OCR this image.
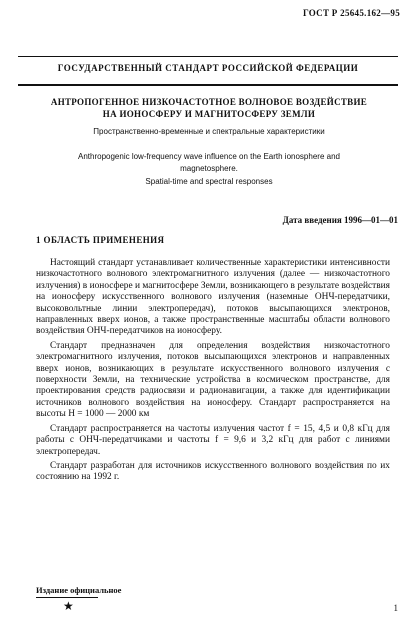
ГОСТ Р 25645.162—95
ГОСУДАРСТВЕННЫЙ СТАНДАРТ РОССИЙСКОЙ ФЕДЕРАЦИИ
АНТРОПОГЕННОЕ НИЗКОЧАСТОТНОЕ ВОЛНОВОЕ ВОЗДЕЙСТВИЕ
НА ИОНОСФЕРУ И МАГНИТОСФЕРУ ЗЕМЛИ
Пространственно-временные и спектральные характеристики
Anthropogenic low-frequency wave influence on the Earth ionosphere and
magnetosphere.
Spatial-time and spectral responses
Дата введения 1996—01—01
1 ОБЛАСТЬ ПРИМЕНЕНИЯ

Настоящий стандарт устанавливает количественные характеристики интенсивности низкочастотного волнового электромагнитного излучения (далее — низкочастотного излучения) в ионосфере и магнитосфере Земли, возникающего в результате воздействия на ионосферу искусственного волнового излучения (наземные ОНЧ-передатчики, высоковольтные линии электропередач), потоков высыпающихся электронов, направленных вверх ионов, а также пространственные масштабы области волнового воздействия ОНЧ-передатчиков на ионосферу.

Стандарт предназначен для определения воздействия низкочастотного электромагнитного излучения, потоков высыпающихся электронов и направленных вверх ионов, возникающих в результате искусственного волнового излучения с поверхности Земли, на технические устройства в космическом пространстве, для проектирования средств радиосвязи и радионавигации, а также для идентификации источников волнового воздействия на ионосферу. Стандарт распространяется на высоты H = 1000 — 2000 км

Стандарт распространяется на частоты излучения частот f = 15, 4,5 и 0,8 кГц для работы с ОНЧ-передатчиками и частоты f = 9,6 и 3,2 кГц для работ с линиями электропередач.

Стандарт разработан для источников искусственного волнового воздействия по их состоянию на 1992 г.

Издание официальное
★	1
